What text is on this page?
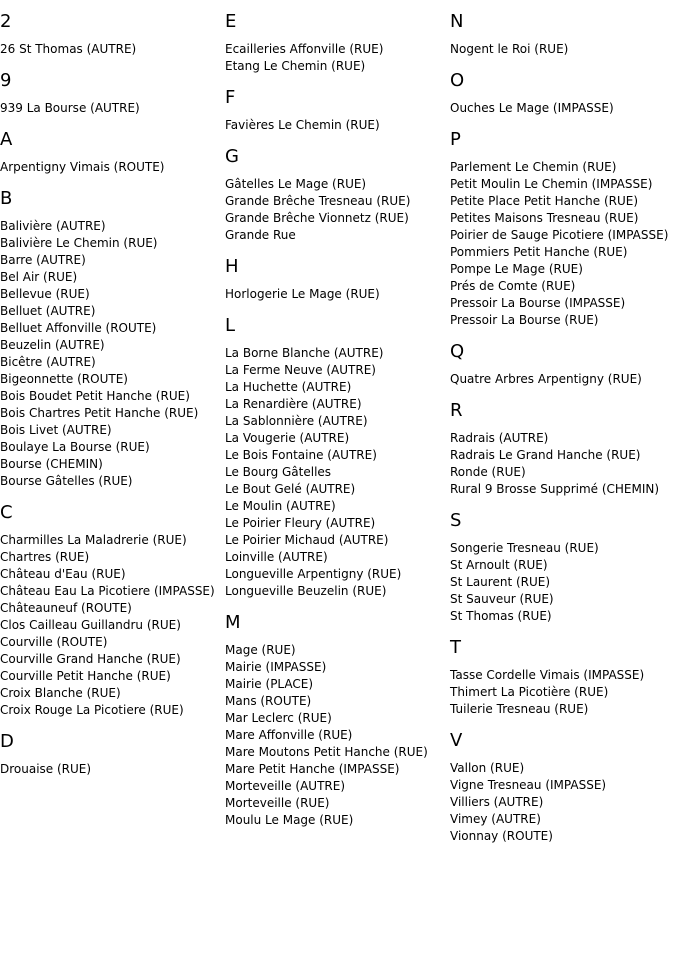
2
26 St Thomas (AUTRE)
9
939 La Bourse (AUTRE)
A
Arpentigny Vimais (ROUTE)
B
Balivière (AUTRE)
Balivière Le Chemin (RUE)
Barre (AUTRE)
Bel Air (RUE)
Bellevue (RUE)
Belluet (AUTRE)
Belluet Affonville (ROUTE)
Beuzelin (AUTRE)
Bicêtre (AUTRE)
Bigeonnette (ROUTE)
Bois Boudet Petit Hanche (RUE)
Bois Chartres Petit Hanche (RUE)
Bois Livet (AUTRE)
Boulaye La Bourse (RUE)
Bourse (CHEMIN)
Bourse Gâtelles (RUE)
C
Charmilles La Maladrerie (RUE)
Chartres (RUE)
Château d'Eau (RUE)
Château Eau La Picotiere (IMPASSE)
Châteauneuf (ROUTE)
Clos Cailleau Guillandru (RUE)
Courville (ROUTE)
Courville Grand Hanche (RUE)
Courville Petit Hanche (RUE)
Croix Blanche (RUE)
Croix Rouge La Picotiere (RUE)
D
Drouaise (RUE)
E
Ecailleries Affonville (RUE)
Etang Le Chemin (RUE)
F
Favières Le Chemin (RUE)
G
Gâtelles Le Mage (RUE)
Grande Brêche Tresneau (RUE)
Grande Brêche Vionnetz (RUE)
Grande Rue
H
Horlogerie Le Mage (RUE)
L
La Borne Blanche (AUTRE)
La Ferme Neuve (AUTRE)
La Huchette (AUTRE)
La Renardière (AUTRE)
La Sablonnière (AUTRE)
La Vougerie (AUTRE)
Le Bois Fontaine (AUTRE)
Le Bourg Gâtelles
Le Bout Gelé (AUTRE)
Le Moulin (AUTRE)
Le Poirier Fleury (AUTRE)
Le Poirier Michaud (AUTRE)
Loinville (AUTRE)
Longueville Arpentigny (RUE)
Longueville Beuzelin (RUE)
M
Mage (RUE)
Mairie (IMPASSE)
Mairie (PLACE)
Mans (ROUTE)
Mar Leclerc (RUE)
Mare Affonville (RUE)
Mare Moutons Petit Hanche (RUE)
Mare Petit Hanche (IMPASSE)
Morteveille (AUTRE)
Morteveille (RUE)
Moulu Le Mage (RUE)
N
Nogent le Roi (RUE)
O
Ouches Le Mage (IMPASSE)
P
Parlement Le Chemin (RUE)
Petit Moulin Le Chemin (IMPASSE)
Petite Place Petit Hanche (RUE)
Petites Maisons Tresneau (RUE)
Poirier de Sauge Picotiere (IMPASSE)
Pommiers Petit Hanche (RUE)
Pompe Le Mage (RUE)
Prés de Comte (RUE)
Pressoir La Bourse (IMPASSE)
Pressoir La Bourse (RUE)
Q
Quatre Arbres Arpentigny (RUE)
R
Radrais (AUTRE)
Radrais Le Grand Hanche (RUE)
Ronde (RUE)
Rural 9 Brosse Supprimé (CHEMIN)
S
Songerie Tresneau (RUE)
St Arnoult (RUE)
St Laurent (RUE)
St Sauveur (RUE)
St Thomas (RUE)
T
Tasse Cordelle Vimais (IMPASSE)
Thimert La Picotière (RUE)
Tuilerie Tresneau (RUE)
V
Vallon (RUE)
Vigne Tresneau (IMPASSE)
Villiers (AUTRE)
Vimey (AUTRE)
Vionnay (ROUTE)
